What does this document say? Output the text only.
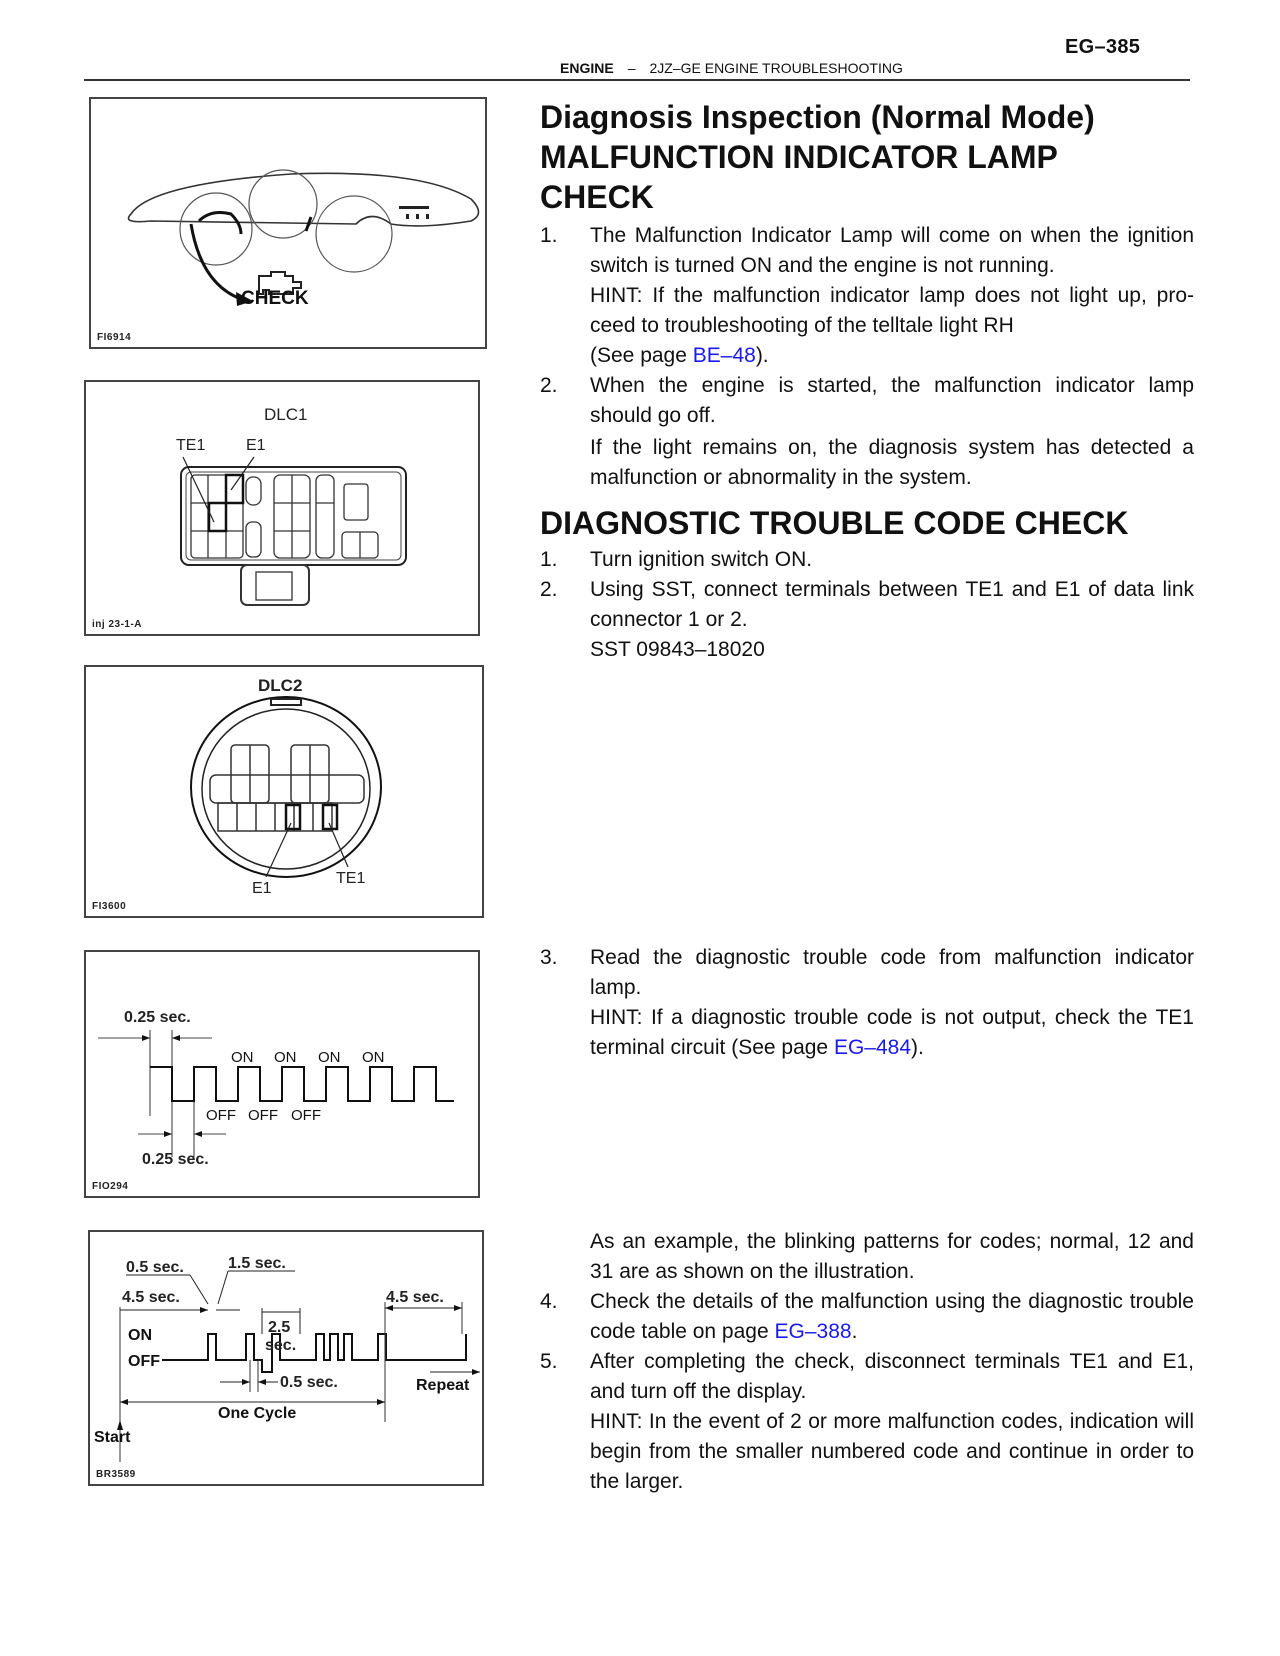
EG–385
ENGINE – 2JZ–GE ENGINE TROUBLESHOOTING
CHECK
FI6914
DLC1
TE1	E1
inj 23-1-A
DLC2
E1
TE1
FI3600
0.25 sec.
ON ON ON ON
OFF OFF OFF
0.25 sec.
FIO294
0.5 sec.	1.5 sec.
4.5 sec.
ON
OFF
2.5
sec.
0.5 sec.
4.5 sec.
Repeat
One Cycle
Start
BR3589
Diagnosis Inspection (Normal Mode)
MALFUNCTION INDICATOR LAMP
CHECK
1. The Malfunction Indicator Lamp will come on when the ignition switch is turned ON and the engine is not running.
HINT: If the malfunction indicator lamp does not light up, pro-ceed to troubleshooting of the telltale light RH
(See page BE–48).
2. When the engine is started, the malfunction indicator lamp should go off.
If the light remains on, the diagnosis system has detected a malfunction or abnormality in the system.
DIAGNOSTIC TROUBLE CODE CHECK
1. Turn ignition switch ON.
2. Using SST, connect terminals between TE1 and E1 of data link connector 1 or 2.
SST 09843–18020
3. Read the diagnostic trouble code from malfunction indicator lamp.
HINT: If a diagnostic trouble code is not output, check the TE1 terminal circuit (See page EG–484).
As an example, the blinking patterns for codes; normal, 12 and 31 are as shown on the illustration.
4. Check the details of the malfunction using the diagnostic trouble code table on page EG–388.
5. After completing the check, disconnect terminals TE1 and E1, and turn off the display.
HINT: In the event of 2 or more malfunction codes, indication will begin from the smaller numbered code and continue in order to the larger.
